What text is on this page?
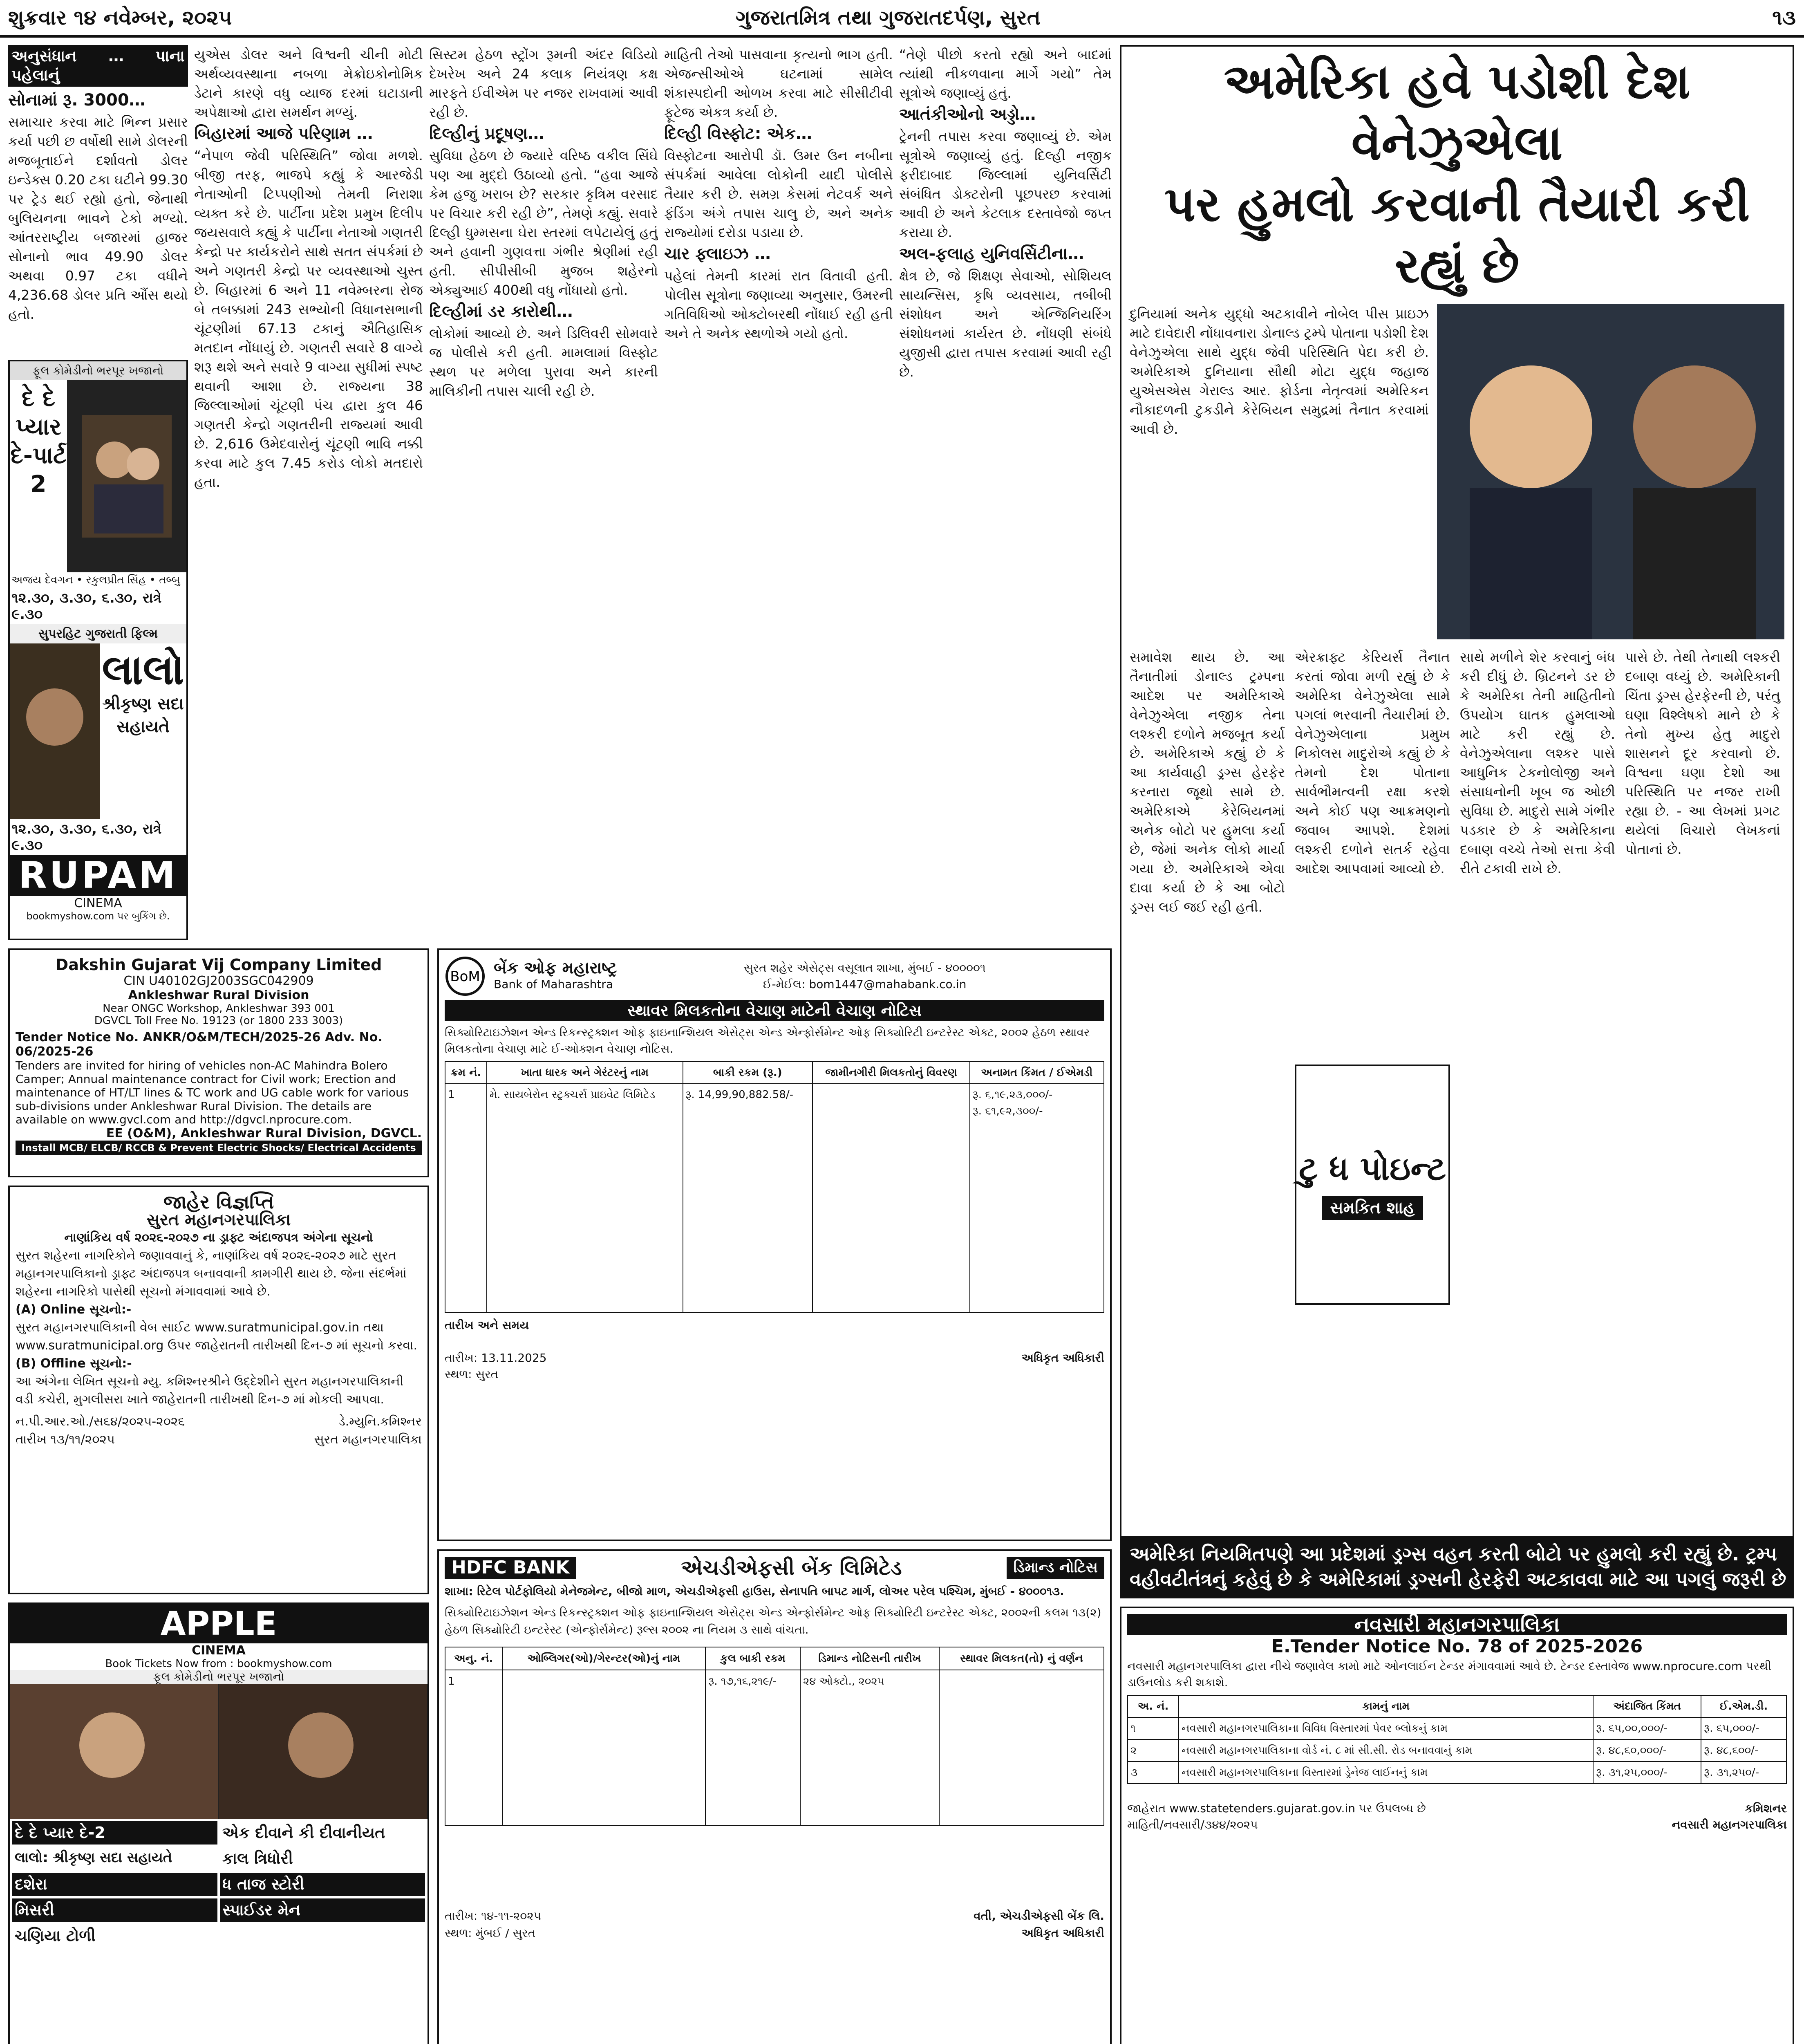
શુક્રવાર ૧૪ નવેમ્બર, ૨૦૨૫	ગુજરાતમિત્ર તથા ગુજરાતદર્પણ, સુરત	૧૩
અનુસંધાન … પાના પહેલાનું
સોનામાં રૂ. 3000…

સમાચાર કરવા માટે ભિન્ન પ્રસાર કર્યા પછી છ વર્ષોથી સામે ડોલરની મજબૂતાઈને દર્શાવતો ડોલર ઇન્ડેક્સ 0.20 ટકા ઘટીને 99.30 પર ટ્રેડ થઈ રહ્યો હતો, જેનાથી બુલિયનના ભાવને ટેકો મળ્યો. આંતરરાષ્ટ્રીય બજારમાં હાજર સોનાનો ભાવ 49.90 ડોલર અથવા 0.97 ટકા વધીને 4,236.68 ડોલર પ્રતિ ઔંસ થયો હતો.

ફૂલ કોમેડીનો ભરપૂર ખજાનો
દે દે પ્યાર દે-પાર્ટ 2
અજય દેવગન • રકુલપ્રીત સિંહ • તબ્બુ
૧૨.૩૦, ૩.૩૦, ૬.૩૦, રાત્રે ૯.૩૦
સુપરહિટ ગુજરાતી ફિલ્મ
લાલો
શ્રીકૃષ્ણ સદા સહાયતે
૧૨.૩૦, ૩.૩૦, ૬.૩૦, રાત્રે ૯.૩૦
RUPAM
CINEMA
bookmyshow.com પર બુકિંગ છે.

યુએસ ડોલર અને વિશ્વની ચીની મોટી અર્થવ્યવસ્થાના નબળા મેક્રોઇકોનોમિક ડેટાને કારણે વધુ વ્યાજ દરમાં ઘટાડાની અપેક્ષાઓ દ્વારા સમર્થન મળ્યું.

બિહારમાં આજે પરિણામ …

“નેપાળ જેવી પરિસ્થિતિ” જોવા મળશે. બીજી તરફ, ભાજપે કહ્યું કે આરજેડી નેતાઓની ટિપ્પણીઓ તેમની નિરાશા વ્યક્ત કરે છે. પાર્ટીના પ્રદેશ પ્રમુખ દિલીપ જયસવાલે કહ્યું કે પાર્ટીના નેતાઓ ગણતરી કેન્દ્રો પર કાર્યકરોને સાથે સતત સંપર્કમાં છે અને ગણતરી કેન્દ્રો પર વ્યવસ્થાઓ ચુસ્ત છે. બિહારમાં 6 અને 11 નવેમ્બરના રોજ બે તબક્કામાં 243 સભ્યોની વિધાનસભાની ચૂંટણીમાં 67.13 ટકાનું ઐતિહાસિક મતદાન નોંધાયું છે. ગણતરી સવારે 8 વાગ્યે શરૂ થશે અને સવારે 9 વાગ્યા સુધીમાં સ્પષ્ટ થવાની આશા છે. રાજ્યના 38 જિલ્લાઓમાં ચૂંટણી પંચ દ્વારા કુલ 46 ગણતરી કેન્દ્રો ગણતરીની રાજ્યમાં આવી છે. 2,616 ઉમેદવારોનું ચૂંટણી ભાવિ નક્કી કરવા માટે કુલ 7.45 કરોડ લોકો મતદારો હતા.

સિસ્ટમ હેઠળ સ્ટ્રોંગ રૂમની અંદર વિડિયો દેખરેખ અને 24 કલાક નિયંત્રણ કક્ષ મારફતે ઈવીએમ પર નજર રાખવામાં આવી રહી છે.

દિલ્હીનું પ્રદૂષણ…

સુવિધા હેઠળ છે જ્યારે વરિષ્ઠ વકીલ સિંઘે પણ આ મુદ્દો ઉઠાવ્યો હતો. “હવા આજે કેમ હજુ ખરાબ છે? સરકાર કૃત્રિમ વરસાદ પર વિચાર કરી રહી છે”, તેમણે કહ્યું. સવારે દિલ્હી ધુમ્મસના ઘેરા સ્તરમાં લપેટાયેલું હતું અને હવાની ગુણવત્તા ગંભીર શ્રેણીમાં રહી હતી. સીપીસીબી મુજબ શહેરનો એક્યુઆઈ 400થી વધુ નોંધાયો હતો.

દિલ્હીમાં ડર કારોથી…

લોકોમાં આવ્યો છે. અને ડિલિવરી સોમવારે જ પોલીસે કરી હતી. મામલામાં વિસ્ફોટ સ્થળ પર મળેલા પુરાવા અને કારની માલિકીની તપાસ ચાલી રહી છે.

માહિતી તેઓ પાસવાના કૃત્યનો ભાગ હતી. એજન્સીઓએ ઘટનામાં સામેલ શંકાસ્પદોની ઓળખ કરવા માટે સીસીટીવી ફૂટેજ એકત્ર કર્યા છે.

દિલ્હી વિસ્ફોટ: એક…

વિસ્ફોટના આરોપી ડૉ. ઉમર ઉન નબીના સંપર્કમાં આવેલા લોકોની યાદી પોલીસે તૈયાર કરી છે. સમગ્ર કેસમાં નેટવર્ક અને ફંડિંગ અંગે તપાસ ચાલુ છે, અને અનેક રાજ્યોમાં દરોડા પડાયા છે.

ચાર ફ્લાઇઝ …

પહેલાં તેમની કારમાં રાત વિતાવી હતી. પોલીસ સૂત્રોના જણાવ્યા અનુસાર, ઉમરની ગતિવિધિઓ ઓક્ટોબરથી નોંધાઈ રહી હતી અને તે અનેક સ્થળોએ ગયો હતો.

“તેણે પીછો કરતો રહ્યો અને બાદમાં ત્યાંથી નીકળવાના માર્ગે ગયો” તેમ સૂત્રોએ જણાવ્યું હતું.

આતંકીઓનો અડ્ડો…

ટ્રેનની તપાસ કરવા જણાવ્યું છે. એમ સૂત્રોએ જણાવ્યું હતું. દિલ્હી નજીક ફરીદાબાદ જિલ્લામાં યુનિવર્સિટી સંબંધિત ડોક્ટરોની પૂછપરછ કરવામાં આવી છે અને કેટલાક દસ્તાવેજો જપ્ત કરાયા છે.

અલ-ફલાહ યુનિવર્સિટીના…

ક્ષેત્ર છે, જે શિક્ષણ સેવાઓ, સોશિયલ સાયન્સિસ, કૃષિ વ્યવસાય, તબીબી સંશોધન અને એન્જિનિયરિંગ સંશોધનમાં કાર્યરત છે. નોંધણી સંબંધે યુજીસી દ્વારા તપાસ કરવામાં આવી રહી છે.

અમેરિકા હવે પડોશી દેશ વેનેઝુએલા
પર હુમલો કરવાની તૈયારી કરી રહ્યું છે
દુનિયામાં અનેક યુદ્ધો અટકાવીને નોબેલ પીસ પ્રાઇઝ માટે દાવેદારી નોંધાવનારા ડોનાલ્ડ ટ્રમ્પે પોતાના પડોશી દેશ વેનેઝુએલા સાથે યુદ્ધ જેવી પરિસ્થિતિ પેદા કરી છે. અમેરિકાએ દુનિયાના સૌથી મોટા યુદ્ધ જહાજ યુએસએસ ગેરાલ્ડ આર. ફોર્ડના નેતૃત્વમાં અમેરિકન નૌકાદળની ટુકડીને કેરેબિયન સમુદ્રમાં તૈનાત કરવામાં આવી છે.
સમાવેશ થાય છે. આ તૈનાતીમાં ડોનાલ્ડ ટ્રમ્પના આદેશ પર અમેરિકાએ વેનેઝુએલા નજીક તેના લશ્કરી દળોને મજબૂત કર્યા છે. અમેરિકાએ કહ્યું છે કે આ કાર્યવાહી ડ્રગ્સ હેરફેર કરનારા જૂથો સામે છે. અમેરિકાએ કેરેબિયનમાં અનેક બોટો પર હુમલા કર્યા છે, જેમાં અનેક લોકો માર્યા ગયા છે. અમેરિકાએ એવા દાવા કર્યા છે કે આ બોટો ડ્રગ્સ લઈ જઈ રહી હતી.
એરક્રાફ્ટ કેરિયર્સ તૈનાત કરતાં જોવા મળી રહ્યું છે કે અમેરિકા વેનેઝુએલા સામે પગલાં ભરવાની તૈયારીમાં છે. વેનેઝુએલાના પ્રમુખ નિકોલસ માદુરોએ કહ્યું છે કે તેમનો દેશ પોતાના સાર્વભૌમત્વની રક્ષા કરશે અને કોઈ પણ આક્રમણનો જવાબ આપશે. દેશમાં લશ્કરી દળોને સતર્ક રહેવા આદેશ આપવામાં આવ્યો છે.
ટુ ધ પોઇન્ટ
સમકિત શાહ
સાથે મળીને શેર કરવાનું બંધ કરી દીધું છે. બ્રિટનને ડર છે કે અમેરિકા તેની માહિતીનો ઉપયોગ ઘાતક હુમલાઓ માટે કરી રહ્યું છે. વેનેઝુએલાના લશ્કર પાસે આધુનિક ટેકનોલોજી અને સંસાધનોની ખૂબ જ ઓછી સુવિધા છે. માદુરો સામે ગંભીર પડકાર છે કે અમેરિકાના દબાણ વચ્ચે તેઓ સત્તા કેવી રીતે ટકાવી રાખે છે.
પાસે છે. તેથી તેનાથી લશ્કરી દબાણ વધ્યું છે. અમેરિકાની ચિંતા ડ્રગ્સ હેરફેરની છે, પરંતુ ઘણા વિશ્લેષકો માને છે કે તેનો મુખ્ય હેતુ માદુરો શાસનને દૂર કરવાનો છે. વિશ્વના ઘણા દેશો આ પરિસ્થિતિ પર નજર રાખી રહ્યા છે. - આ લેખમાં પ્રગટ થયેલાં વિચારો લેખકનાં પોતાનાં છે.
અમેરિકા નિયમિતપણે આ પ્રદેશમાં ડ્રગ્સ વહન કરતી બોટો પર હુમલો કરી રહ્યું છે. ટ્રમ્પ વહીવટીતંત્રનું કહેવું છે કે અમેરિકામાં ડ્રગ્સની હેરફેરી અટકાવવા માટે આ પગલું જરૂરી છે
Dakshin Gujarat Vij Company Limited
CIN U40102GJ2003SGC042909
Ankleshwar Rural Division
Near ONGC Workshop, Ankleshwar 393 001
DGVCL Toll Free No. 19123 (or 1800 233 3003)
Tender Notice No. ANKR/O&M/TECH/2025-26 Adv. No. 06/2025-26
Tenders are invited for hiring of vehicles non-AC Mahindra Bolero Camper; Annual maintenance contract for Civil work; Erection and maintenance of HT/LT lines & TC work and UG cable work for various sub-divisions under Ankleshwar Rural Division. The details are available on www.gvcl.com and http://dgvcl.nprocure.com.
EE (O&M), Ankleshwar Rural Division, DGVCL.
Install MCB/ ELCB/ RCCB & Prevent Electric Shocks/ Electrical Accidents
જાહેર વિજ્ઞપ્તિ
સુરત મહાનગરપાલિકા
નાણાંકિય વર્ષ ૨૦૨૬-૨૦૨૭ ના ડ્રાફ્ટ અંદાજપત્ર અંગેના સૂચનો
સુરત શહેરના નાગરિકોને જણાવવાનું કે, નાણાંકિય વર્ષ ૨૦૨૬-૨૦૨૭ માટે સુરત મહાનગરપાલિકાનો ડ્રાફ્ટ અંદાજપત્ર બનાવવાની કામગીરી થાય છે. જેના સંદર્ભમાં શહેરના નાગરિકો પાસેથી સૂચનો મંગાવવામાં આવે છે.
(A) Online સૂચનો:-
સુરત મહાનગરપાલિકાની વેબ સાઈટ www.suratmunicipal.gov.in તથા www.suratmunicipal.org ઉપર જાહેરાતની તારીખથી દિન-૭ માં સૂચનો કરવા.
(B) Offline સૂચનો:-
આ અંગેના લેખિત સૂચનો મ્યુ. કમિશ્નરશ્રીને ઉદ્દેશીને સુરત મહાનગરપાલિકાની વડી કચેરી, મુગલીસરા ખાતે જાહેરાતની તારીખથી દિન-૭ માં મોકલી આપવા.
ન.પી.આર.ઓ./સ૬૪/૨૦૨૫-૨૦૨૬
તારીખ ૧૩/૧૧/૨૦૨૫
ડે.મ્યુનિ.કમિશ્નર
સુરત મહાનગરપાલિકા
APPLE
CINEMA
Book Tickets Now from : bookmyshow.com
ફૂલ કોમેડીનો ભરપૂર ખજાનો
દે દે પ્યાર દે-2	એક દીવાને કી દીવાનીયત
લાલો: શ્રીકૃષ્ણ સદા સહાયતે	કાલ ત્રિધોરી
દશેરા	ધ તાજ સ્ટોરી
મિસરી	સ્પાઈડર મેન
ચણિયા ટોળી
BoM બેંક ઓફ મહારાષ્ટ્ર
Bank of Maharashtra
સુરત શહેર એસેટ્સ વસૂલાત શાખા, મુંબઈ - ૪૦૦૦૦૧
ઈ-મેઈલ: bom1447@mahabank.co.in
સ્થાવર મિલકતોના વેચાણ માટેની વેચાણ નોટિસ
સિક્યોરિટાઇઝેશન એન્ડ રિકન્સ્ટ્રક્શન ઓફ ફાઇનાન્શિયલ એસેટ્સ એન્ડ એન્ફોર્સમેન્ટ ઓફ સિક્યોરિટી ઇન્ટરેસ્ટ એક્ટ, ૨૦૦૨ હેઠળ સ્થાવર મિલકતોના વેચાણ માટે ઈ-ઓક્શન વેચાણ નોટિસ.
ક્રમ નં.	ખાતા ધારક અને ગેરંટરનું નામ	બાકી રકમ (રૂ.)	જામીનગીરી મિલકતોનું વિવરણ	અનામત કિંમત / ઈએમડી
1	મે. સાયબેરોન સ્ટ્રક્ચર્સ પ્રાઇવેટ લિમિટેડ	રૂ. 14,99,90,882.58/-		રૂ. ૬,૧૯,૨૩,૦૦૦/-
રૂ. ૬૧,૯૨,૩૦૦/-
તારીખ અને સમય
તારીખ: 13.11.2025
સ્થળ: સુરત
અધિકૃત અધિકારી
HDFC BANK	એચડીએફસી બેંક લિમિટેડ	ડિમાન્ડ નોટિસ
શાખા: રિટેલ પોર્ટફોલિયો મેનેજમેન્ટ, બીજો માળ, એચડીએફસી હાઉસ, સેનાપતિ બાપટ માર્ગ, લોઅર પરેલ પશ્ચિમ, મુંબઈ - ૪૦૦૦૧૩.
સિક્યોરિટાઇઝેશન એન્ડ રિકન્સ્ટ્રક્શન ઓફ ફાઇનાન્શિયલ એસેટ્સ એન્ડ એન્ફોર્સમેન્ટ ઓફ સિક્યોરિટી ઇન્ટરેસ્ટ એક્ટ, ૨૦૦૨ની કલમ ૧૩(૨) હેઠળ સિક્યોરિટી ઇન્ટરેસ્ટ (એન્ફોર્સમેન્ટ) રૂલ્સ ૨૦૦૨ ના નિયમ ૩ સાથે વાંચતા.
અનુ. નં.	ઓબ્લિગર(ઓ)/ગેરન્ટર(ઓ)નું નામ	કુલ બાકી રકમ	ડિમાન્ડ નોટિસની તારીખ	સ્થાવર મિલકત(તો) નું વર્ણન
1		રૂ. ૧૭,૧૬,૨૧૯/-	૨૪ ઓક્ટો., ૨૦૨૫	
તારીખ: ૧૪-૧૧-૨૦૨૫
સ્થળ: મુંબઈ / સુરત
વતી, એચડીએફસી બેંક લિ.
અધિકૃત અધિકારી
નવસારી મહાનગરપાલિકા
E.Tender Notice No. 78 of 2025-2026
નવસારી મહાનગરપાલિકા દ્વારા નીચે જણાવેલ કામો માટે ઓનલાઈન ટેન્ડર મંગાવવામાં આવે છે. ટેન્ડર દસ્તાવેજ www.nprocure.com પરથી ડાઉનલોડ કરી શકાશે.
અ. નં.	કામનું નામ	અંદાજિત કિંમત	ઈ.એમ.ડી.
૧	નવસારી મહાનગરપાલિકાના વિવિધ વિસ્તારમાં પેવર બ્લોકનું કામ	રૂ. ૬૫,૦૦,૦૦૦/-	રૂ. ૬૫,૦૦૦/-
૨	નવસારી મહાનગરપાલિકાના વોર્ડ નં. ૮ માં સી.સી. રોડ બનાવવાનું કામ	રૂ. ૪૮,૬૦,૦૦૦/-	રૂ. ૪૮,૬૦૦/-
૩	નવસારી મહાનગરપાલિકાના વિસ્તારમાં ડ્રેનેજ લાઈનનું કામ	રૂ. ૩૧,૨૫,૦૦૦/-	રૂ. ૩૧,૨૫૦/-
જાહેરાત www.statetenders.gujarat.gov.in પર ઉપલબ્ધ છે
માહિતી/નવસારી/૩૪૪/૨૦૨૫
કમિશનર
નવસારી મહાનગરપાલિકા
